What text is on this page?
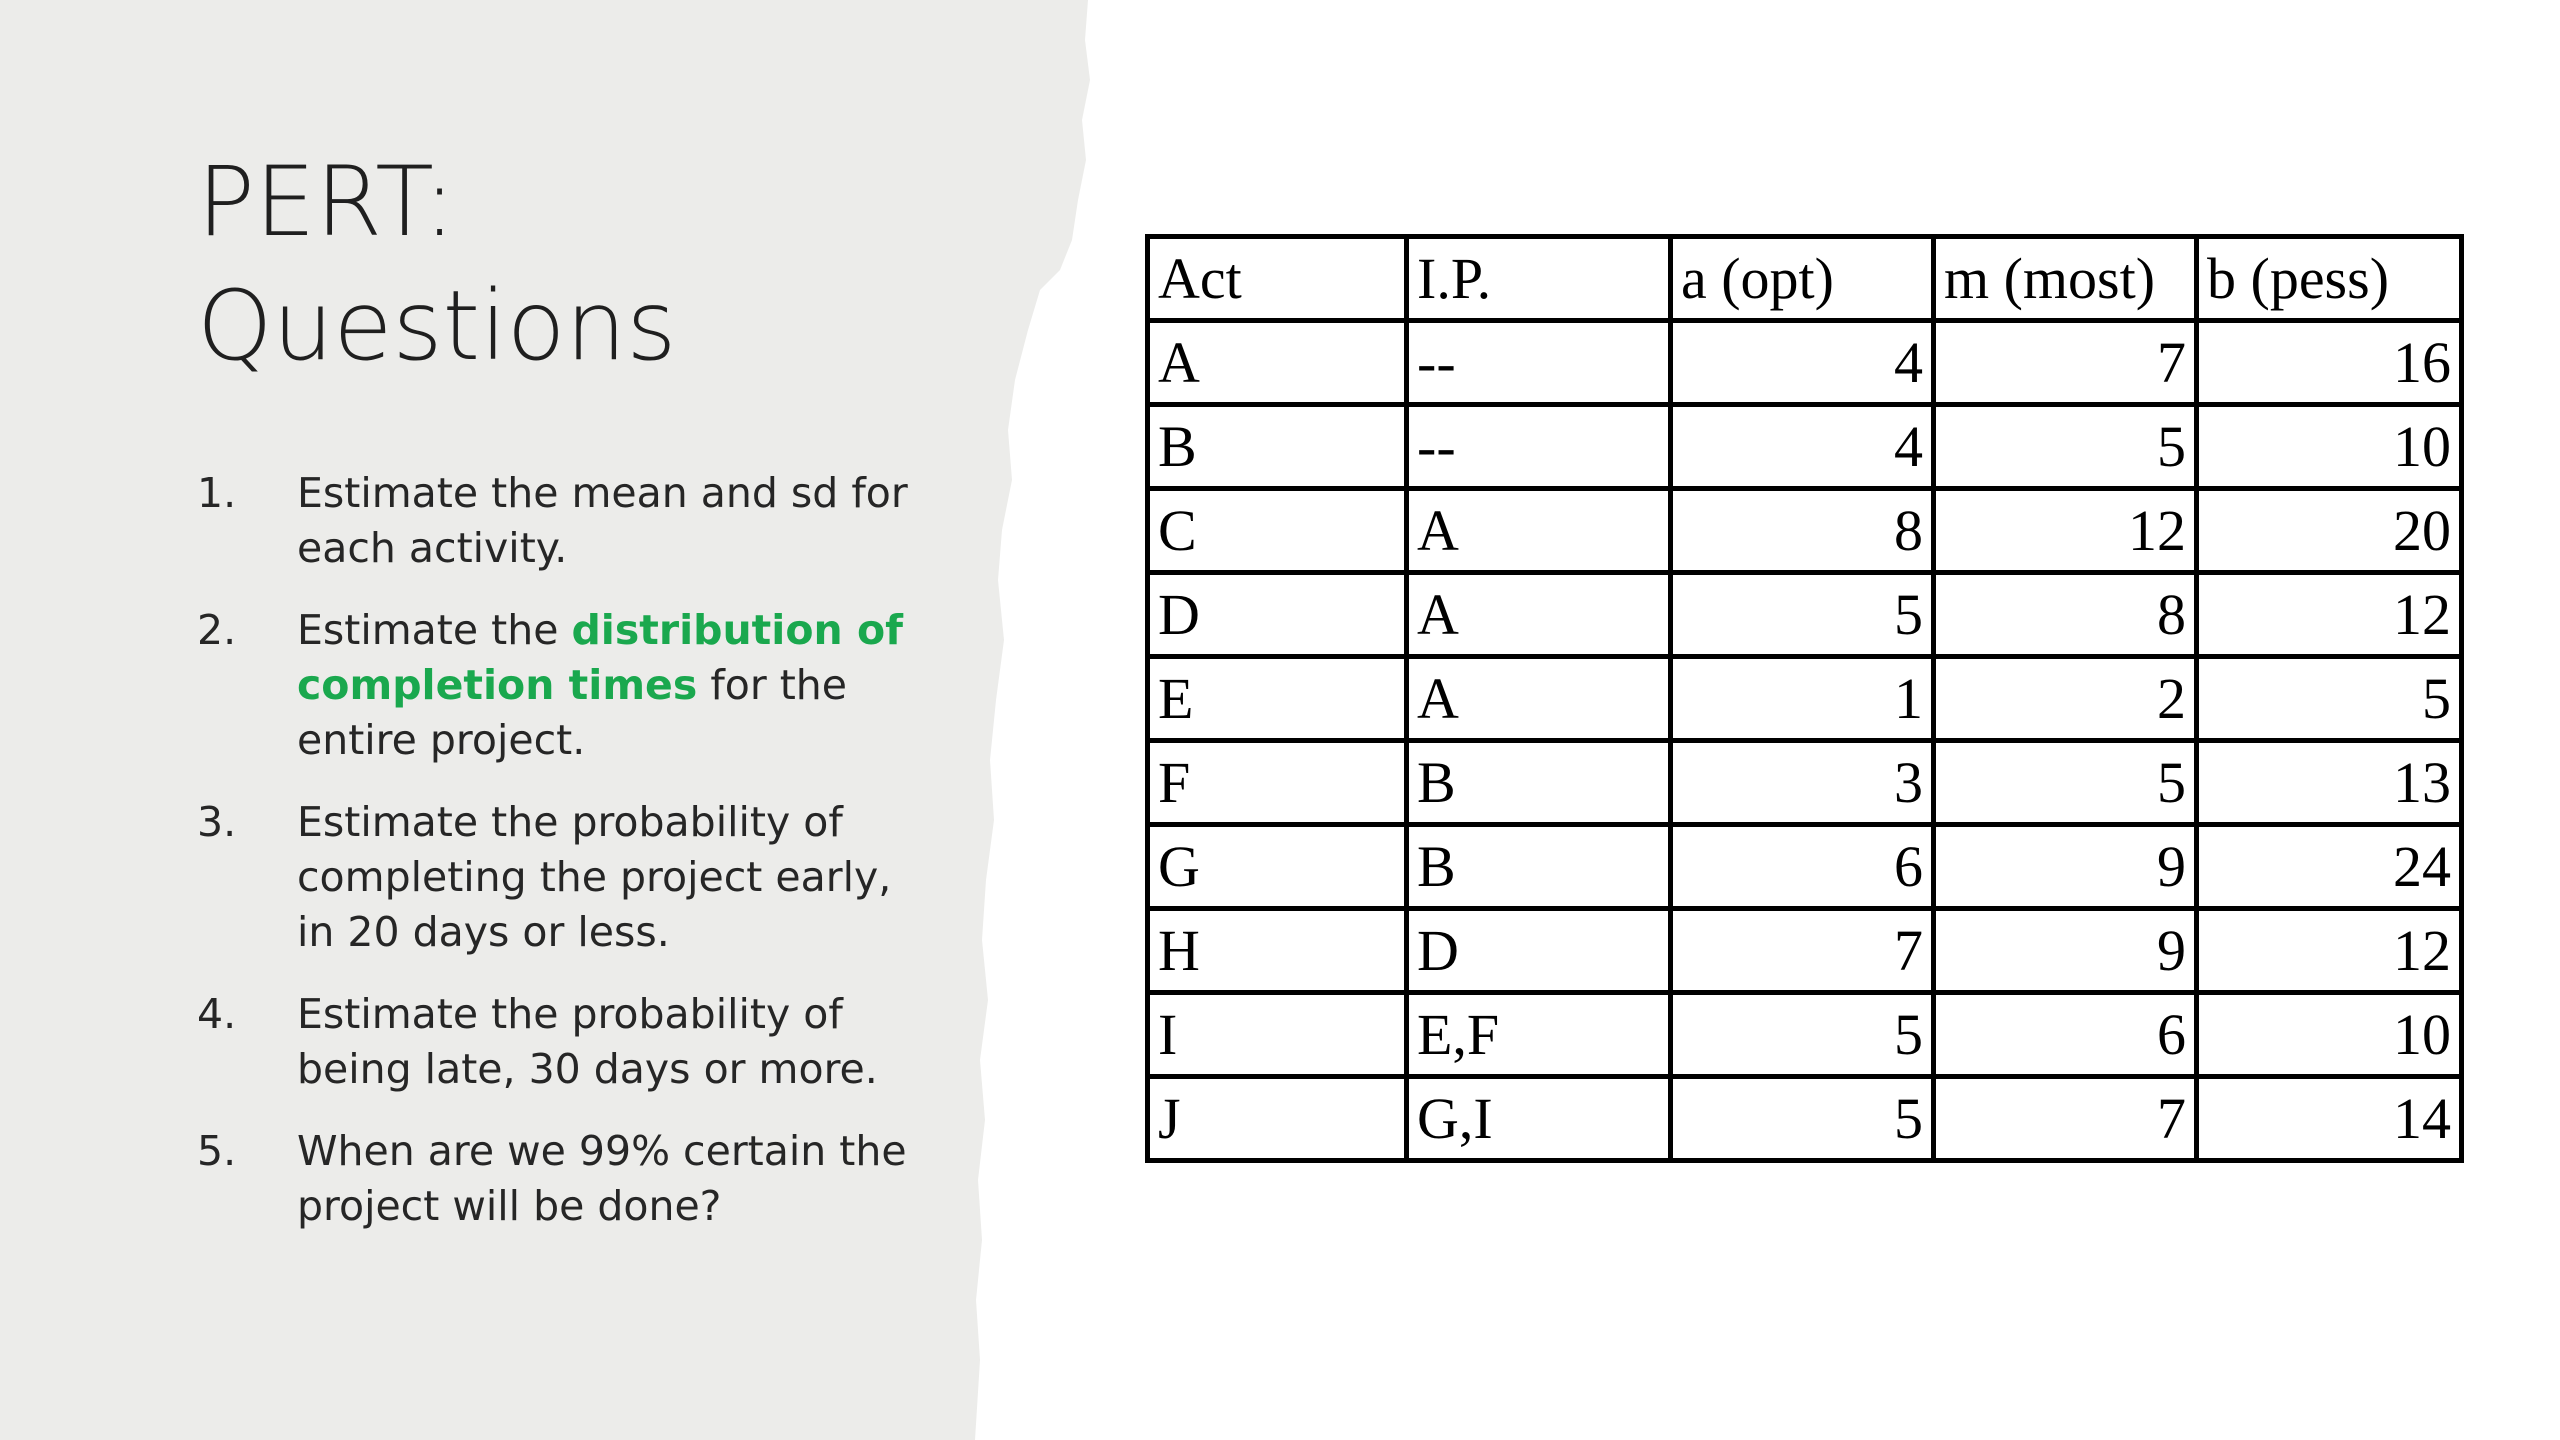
PERT:
Questions
1. Estimate the mean and sd for each activity.
2. Estimate the distribution of completion times for the entire project.
3. Estimate the probability of completing the project early, in 20 days or less.
4. Estimate the probability of being late, 30 days or more.
5. When are we 99% certain the project will be done?
Act	I.P.	a (opt)	m (most)	b (pess)
A	--	4	7	16
B	--	4	5	10
C	A	8	12	20
D	A	5	8	12
E	A	1	2	5
F	B	3	5	13
G	B	6	9	24
H	D	7	9	12
I	E,F	5	6	10
J	G,I	5	7	14
